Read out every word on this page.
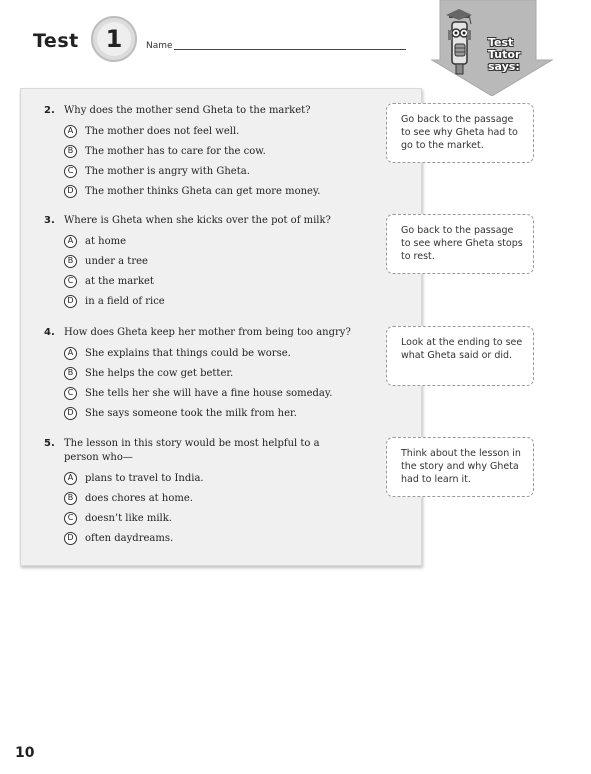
Test	1	Name	Test
Tutor
says:
2. Why does the mother send Gheta to the market?
A	The mother does not feel well.
B	The mother has to care for the cow.
C	The mother is angry with Gheta.
D	The mother thinks Gheta can get more money.
3. Where is Gheta when she kicks over the pot of milk?
A	at home
B	under a tree
C	at the market
D	in a field of rice
4. How does Gheta keep her mother from being too angry?
A	She explains that things could be worse.
B	She helps the cow get better.
C	She tells her she will have a fine house someday.
D	She says someone took the milk from her.
5. The lesson in this story would be most helpful to a person who—
A	plans to travel to India.
B	does chores at home.
C	doesn’t like milk.
D	often daydreams.
Go back to the passage to see why Gheta had to go to the market.
Go back to the passage to see where Gheta stops to rest.
Look at the ending to see what Gheta said or did.
Think about the lesson in the story and why Gheta had to learn it.
10
